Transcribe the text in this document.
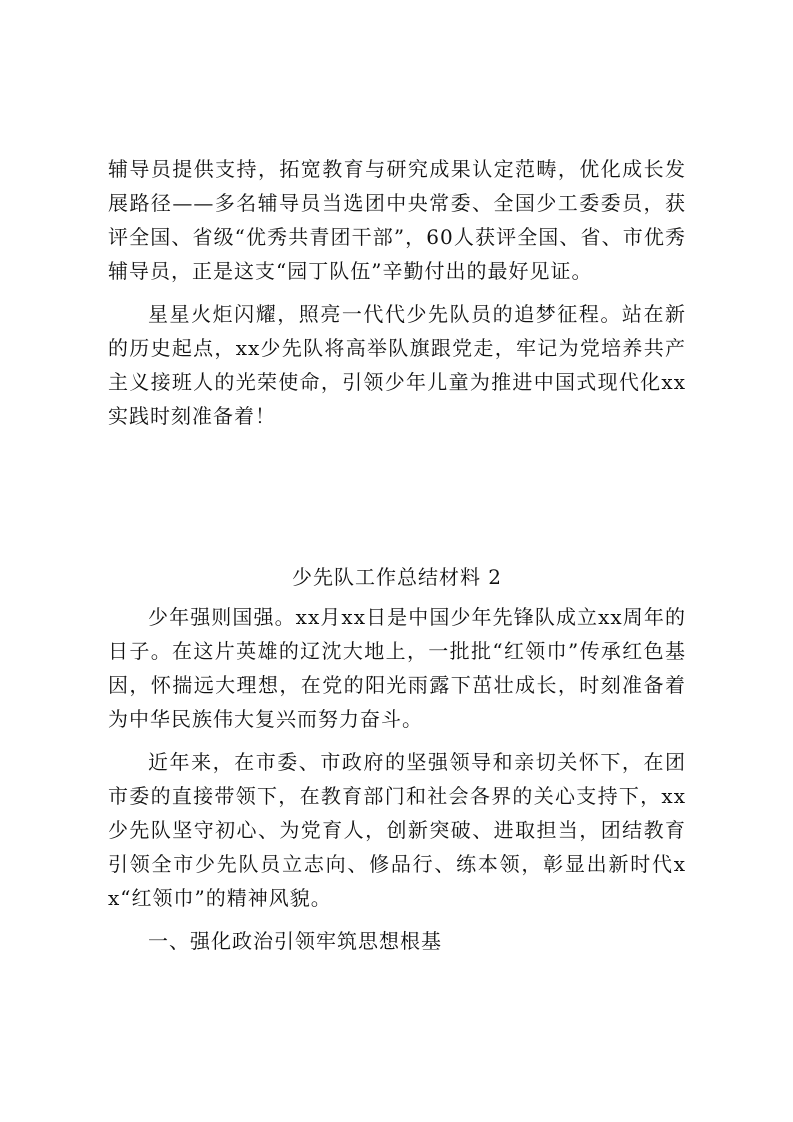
辅导员提供支持，拓宽教育与研究成果认定范畴，优化成长发展路径——多名辅导员当选团中央常委、全国少工委委员，获评全国、省级“优秀共青团干部”，60人获评全国、省、市优秀辅导员，正是这支“园丁队伍”辛勤付出的最好见证。

星星火炬闪耀，照亮一代代少先队员的追梦征程。站在新的历史起点，xx少先队将高举队旗跟党走，牢记为党培养共产主义接班人的光荣使命，引领少年儿童为推进中国式现代化xx实践时刻准备着！

少先队工作总结材料 2

少年强则国强。xx月xx日是中国少年先锋队成立xx周年的日子。在这片英雄的辽沈大地上，一批批“红领巾”传承红色基因，怀揣远大理想，在党的阳光雨露下茁壮成长，时刻准备着为中华民族伟大复兴而努力奋斗。

近年来，在市委、市政府的坚强领导和亲切关怀下，在团市委的直接带领下，在教育部门和社会各界的关心支持下，xx少先队坚守初心、为党育人，创新突破、进取担当，团结教育引领全市少先队员立志向、修品行、练本领，彰显出新时代xx“红领巾”的精神风貌。

一、强化政治引领牢筑思想根基
